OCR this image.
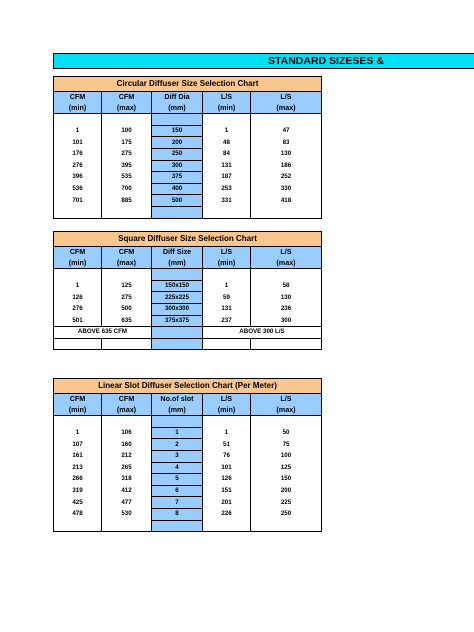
STANDARD SIZESES &
Circular Diffuser Size Selection Chart				
CFM	CFM	Diff Dia	L/S	L/S
(min)	(max)	(mm)	(min)	(max)

1	100	150	1	47
101	175	200	48	83
176	275	250	84	130
276	395	300	131	186
396	535	375	187	252
536	700	400	253	330
701	885	500	331	418

Square Diffuser Size Selection Chart				
CFM	CFM	Diff Size	L/S	L/S
(min)	(max)	(mm)	(min)	(max)

1	125	150x150	1	58
126	275	225x225	59	130
276	500	300x300	131	236
501	635	375x375	237	300
ABOVE 635 CFM			ABOVE 300 L/S	

Linear Slot Diffuser Selection Chart (Per Meter)				
CFM	CFM	No.of slot	L/S	L/S
(min)	(max)	(mm)	(min)	(max)

1	106	1	1	50
107	160	2	51	75
161	212	3	76	100
213	265	4	101	125
266	318	5	126	150
319	412	6	151	200
425	477	7	201	225
478	530	8	226	250
